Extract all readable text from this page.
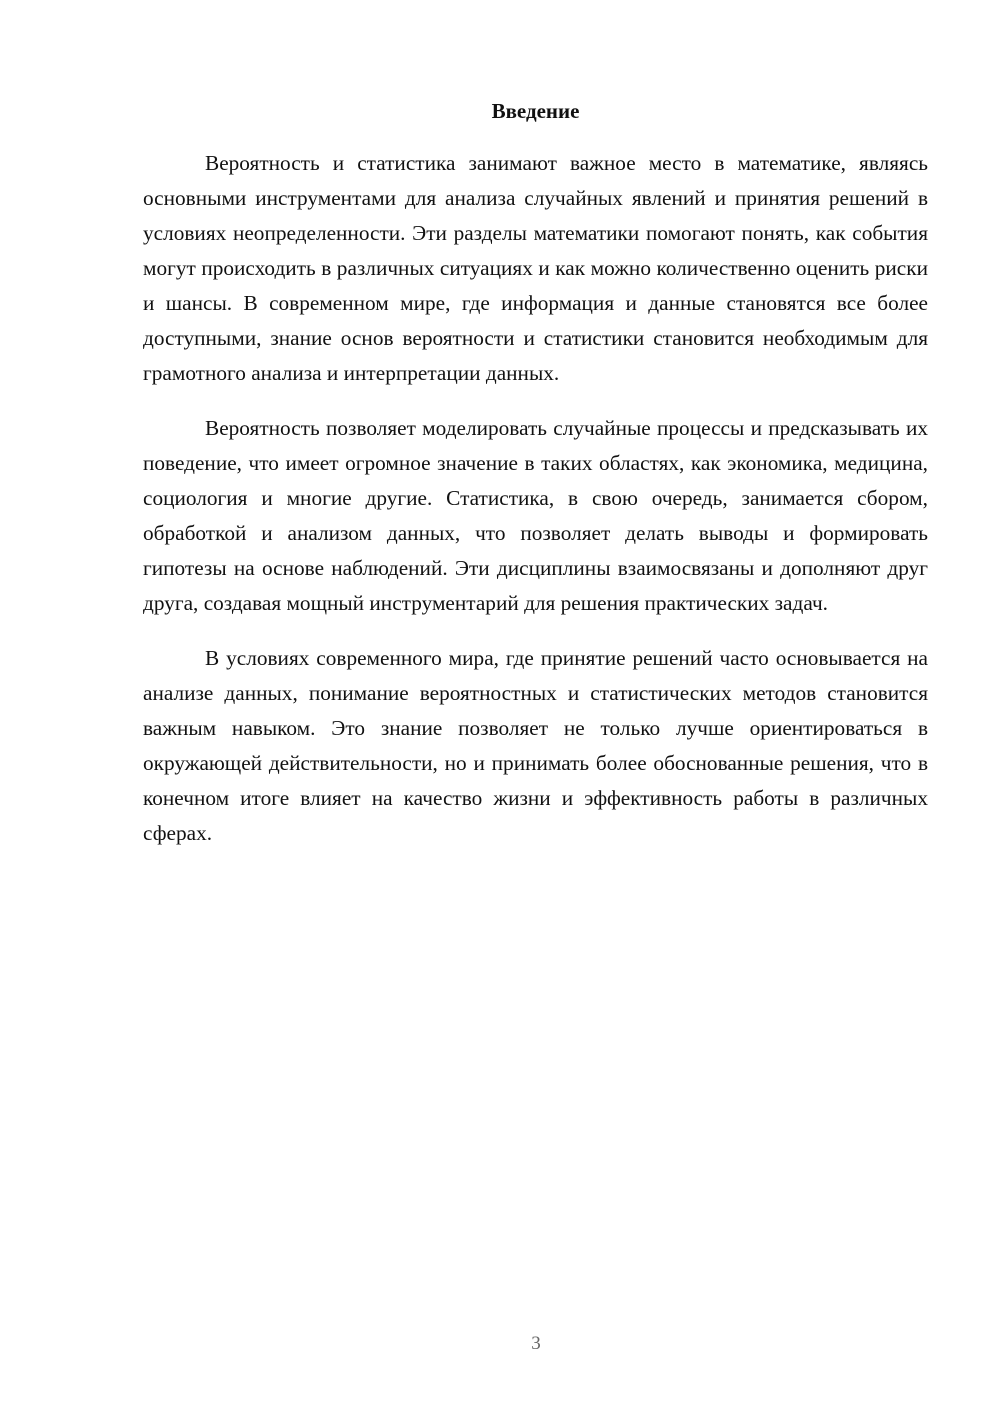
Введение

Вероятность и статистика занимают важное место в математике, являясь основными инструментами для анализа случайных явлений и принятия решений в условиях неопределенности. Эти разделы математики помогают понять, как события могут происходить в различных ситуациях и как можно количественно оценить риски и шансы. В современном мире, где информация и данные становятся все более доступными, знание основ вероятности и статистики становится необходимым для грамотного анализа и интерпретации данных.

Вероятность позволяет моделировать случайные процессы и предсказывать их поведение, что имеет огромное значение в таких областях, как экономика, медицина, социология и многие другие. Статистика, в свою очередь, занимается сбором, обработкой и анализом данных, что позволяет делать выводы и формировать гипотезы на основе наблюдений. Эти дисциплины взаимосвязаны и дополняют друг друга, создавая мощный инструментарий для решения практических задач.

В условиях современного мира, где принятие решений часто основывается на анализе данных, понимание вероятностных и статистических методов становится важным навыком. Это знание позволяет не только лучше ориентироваться в окружающей действительности, но и принимать более обоснованные решения, что в конечном итоге влияет на качество жизни и эффективность работы в различных сферах.

3
